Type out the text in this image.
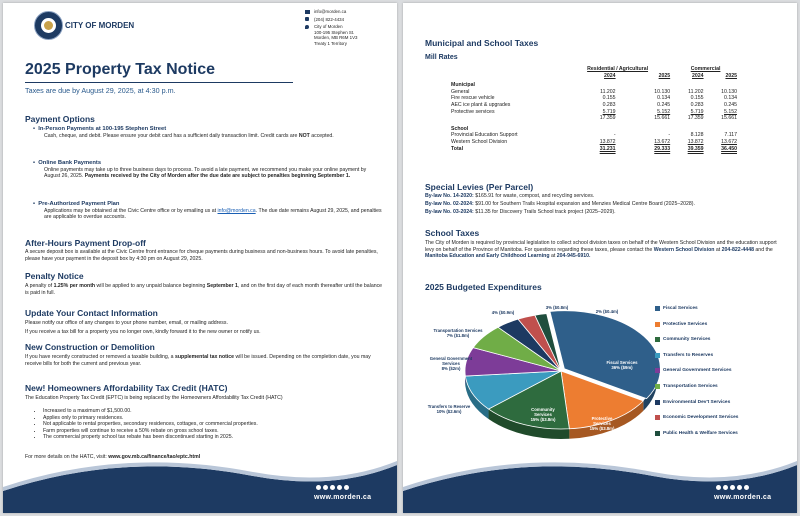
CITY OF MORDEN
info@morden.ca
(204) 822-4434
City of Morden
100-195 Stephen St.
Morden, MB R6M 1V3
Treaty 1 Territory
2025 Property Tax Notice
Taxes are due by August 29, 2025, at 4:30 p.m.
Payment Options
• In-Person Payments at 100-195 Stephen Street
Cash, cheque, and debit. Please ensure your debit card has a sufficient daily transaction limit. Credit cards are NOT accepted.
• Online Bank Payments
Online payments may take up to three business days to process. To avoid a late payment, we recommend you make your online payment by August 26, 2025. Payments received by the City of Morden after the due date are subject to penalties beginning September 1.
• Pre-Authorized Payment Plan
Applications may be obtained at the Civic Centre office or by emailing us at info@morden.ca. The due date remains August 29, 2025, and penalties are applicable to overdue accounts.
After-Hours Payment Drop-off
A secure deposit box is available at the Civic Centre front entrance for cheque payments during business and non-business hours. To avoid late penalties, please have your payment in the deposit box by 4:30 pm on August 29, 2025.
Penalty Notice
A penalty of 1.25% per month will be applied to any unpaid balance beginning September 1, and on the first day of each month thereafter until the balance is paid in full.
Update Your Contact Information
Please notify our office of any changes to your phone number, email, or mailing address.
If you receive a tax bill for a property you no longer own, kindly forward it to the new owner or notify us.
New Construction or Demolition
If you have recently constructed or removed a taxable building, a supplemental tax notice will be issued. Depending on the completion date, you may receive bills for both the current and previous year.
New! Homeowners Affordability Tax Credit (HATC)
The Education Property Tax Credit (EPTC) is being replaced by the Homeowners Affordability Tax Credit (HATC)
• Increased to a maximum of $1,500.00.
• Applies only to primary residences.
• Not applicable to rental properties, secondary residences, cottages, or commercial properties.
• Farm properties will continue to receive a 50% rebate on gross school taxes.
• The commercial property school tax rebate has been discontinued starting in 2025.
For more details on the HATC, visit: www.gov.mb.ca/finance/tao/eptc.html
www.morden.ca
Municipal and School Taxes
Mill Rates
	Residential / Agricultural		Commercial	
	2024	2025	2024	2025
Municipal				
General	11.202	10.130	11.202	10.130
Fire rescue vehicle	0.155	0.134	0.155	0.134
AEC ice plant & upgrades	0.283	0.245	0.283	0.245
Protective services	5.719	5.152	5.719	5.152
	17.359	15.661	17.359	15.661
School				
Provincial Education Support	-	-	8.128	7.117
Western School Division	13.872	13.672	13.872	13.672
Total	31.231	29.333	39.359	36.450
Special Levies (Per Parcel)
By-law No. 14-2020: $165.91 for waste, compost, and recycling services.
By-law No. 02-2024: $91.00 for Southern Trails Hospital expansion and Menzies Medical Centre Board (2025–2028).
By-law No. 03-2024: $11.35 for Discovery Trails School track project (2025–2029).
School Taxes
The City of Morden is required by provincial legislation to collect school division taxes on behalf of the Western School Division and the education support levy on behalf of the Province of Manitoba. For questions regarding these taxes, please contact the Western School Division at 204-822-4448 and the Manitoba Education and Early Childhood Learning at 204-945-6910.
2025 Budgeted Expenditures
Fiscal Services
36% ($9m)
Protective Services
15% ($3.8m)
Community Services
15% ($3.8m)
Transfers to Reserve
10% ($2.6m)
General Government Services
8% ($2m)
Transportation Services
7% ($1.8m)
4% ($0.9m)
3% ($0.8m)
2% ($0.4m)
Fiscal Services
Protective Services
Community Services
Transfers to Reserves
General Government Services
Transportation Services
Environmental Dev't Services
Economic Development Services
Public Health & Welfare Services
www.morden.ca
